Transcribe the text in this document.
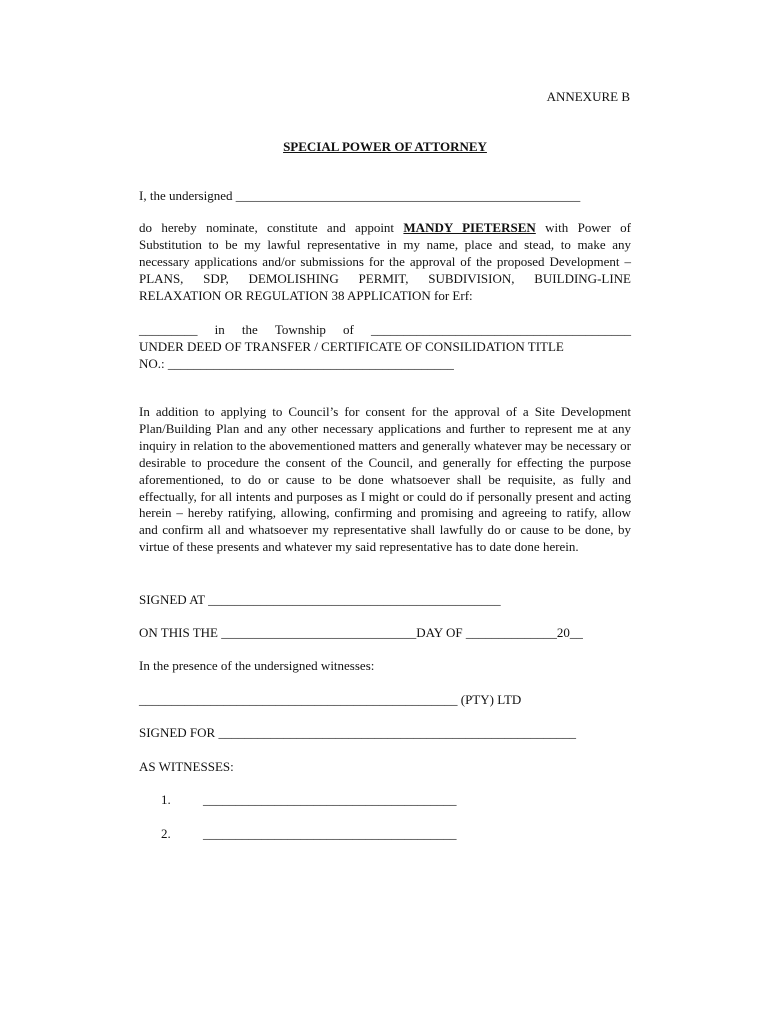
ANNEXURE B
SPECIAL POWER OF ATTORNEY
I, the undersigned _____________________________________________________
do hereby nominate, constitute and appoint MANDY PIETERSEN with Power of Substitution to be my lawful representative in my name, place and stead, to make any necessary applications and/or submissions for the approval of the proposed Development – PLANS, SDP, DEMOLISHING PERMIT, SUBDIVISION, BUILDING-LINE RELAXATION OR REGULATION 38 APPLICATION for Erf:
_________ in the Township of ________________________________________
UNDER DEED OF TRANSFER / CERTIFICATE OF CONSILIDATION TITLE
NO.: ____________________________________________
In addition to applying to Council’s for consent for the approval of a Site Development Plan/Building Plan and any other necessary applications and further to represent me at any inquiry in relation to the abovementioned matters and generally whatever may be necessary or desirable to procedure the consent of the Council, and generally for effecting the purpose aforementioned, to do or cause to be done whatsoever shall be requisite, as fully and effectually, for all intents and purposes as I might or could do if personally present and acting herein – hereby ratifying, allowing, confirming and promising and agreeing to ratify, allow and confirm all and whatsoever my representative shall lawfully do or cause to be done, by virtue of these presents and whatever my said representative has to date done herein.
SIGNED AT _____________________________________________
ON THIS THE ______________________________DAY OF ______________20__
In the presence of the undersigned witnesses:
_________________________________________________ (PTY) LTD
SIGNED FOR _______________________________________________________
AS WITNESSES:
1. _______________________________________
2. _______________________________________
